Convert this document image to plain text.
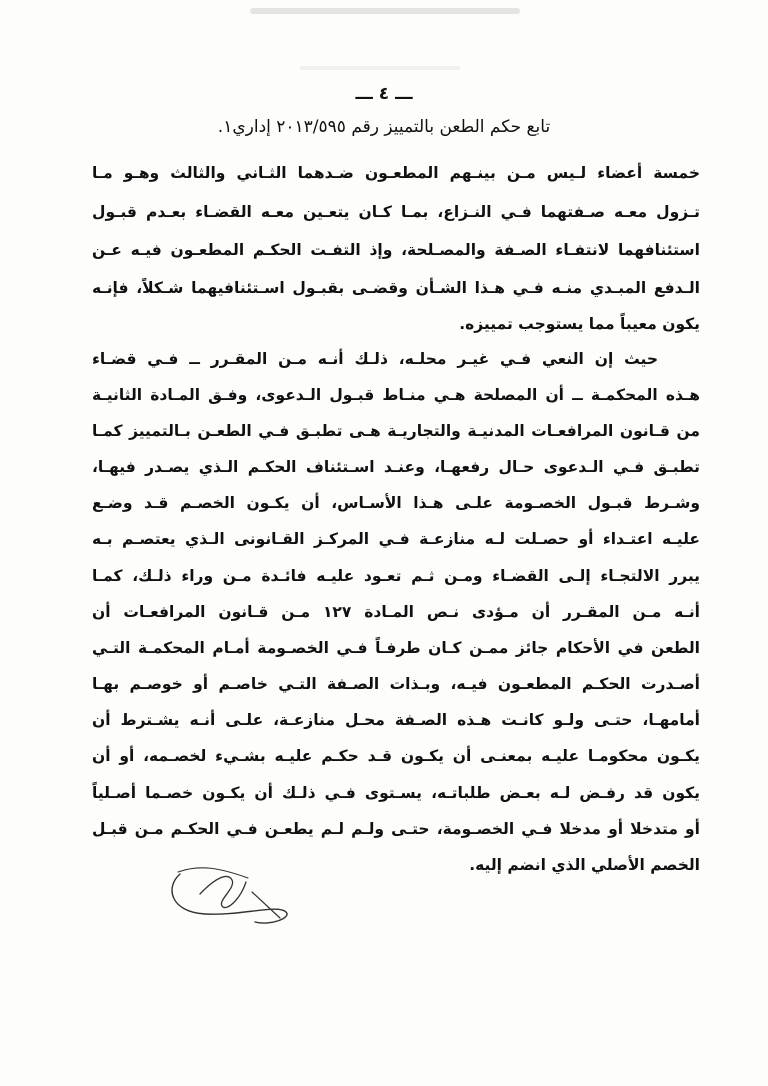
ـــ ٤ ـــ
تابع حكم الطعن بالتمييز رقم ٢٠١٣/٥٩٥ إداري١.
خمسة أعضاء لـيس مـن بينـهم المطعـون ضـدهما الثـاني والثالث وهـو مـا
تـزول معـه صـفتهما فـي النـزاع، بمـا كـان يتعـين معـه القضـاء بعـدم قبـول
استئنافهما لانتفـاء الصـفة والمصـلحة، وإذ التفـت الحكـم المطعـون فيـه عـن
الـدفع المبـدي منـه فـي هـذا الشـأن وقضـى بقبـول اسـتئنافيهما شـكلاً، فإنـه
يكون معيباً مما يستوجب تمييزه.
حيث إن النعي فـي غيـر محلـه، ذلـك أنـه مـن المقـرر ــ فـي قضـاء
هـذه المحكمـة ــ أن المصلحة هـي منـاط قبـول الـدعوى، وفـق المـادة الثانيـة
من قـانون المرافعـات المدنيـة والتجاريـة هـى تطبـق فـي الطعـن بـالتمييز كمـا
تطبـق فـي الـدعوى حـال رفعهـا، وعنـد اسـتئناف الحكـم الـذي يصـدر فيهـا،
وشـرط قبـول الخصـومة علـى هـذا الأسـاس، أن يكـون الخصـم قـد وضـع
عليـه اعتـداء أو حصـلت لـه منازعـة فـي المركـز القـانونى الـذي يعتصـم بـه
يبرر الالتجـاء إلـى القضـاء ومـن ثـم تعـود عليـه فائـدة مـن وراء ذلـك، كمـا
أنـه مـن المقـرر أن مـؤدى نـص المـادة ١٢٧ مـن قـانون المرافعـات أن
الطعن في الأحكام جائز ممـن كـان طرفـاً فـي الخصـومة أمـام المحكمـة التـي
أصـدرت الحكـم المطعـون فيـه، وبـذات الصـفة التـي خاصـم أو خوصـم بهـا
أمامهـا، حتـى ولـو كانـت هـذه الصـفة محـل منازعـة، علـى أنـه يشـترط أن
يكـون محكومـا عليـه بمعنـى أن يكـون قـد حكـم عليـه بشـيء لخصـمه، أو أن
يكون قد رفـض لـه بعـض طلباتـه، يسـتوى فـي ذلـك أن يكـون خصـما أصـلياً
أو متدخلا أو مدخلا فـي الخصـومة، حتـى ولـم لـم يطعـن فـي الحكـم مـن قبـل
الخصم الأصلي الذي انضم إليه.
